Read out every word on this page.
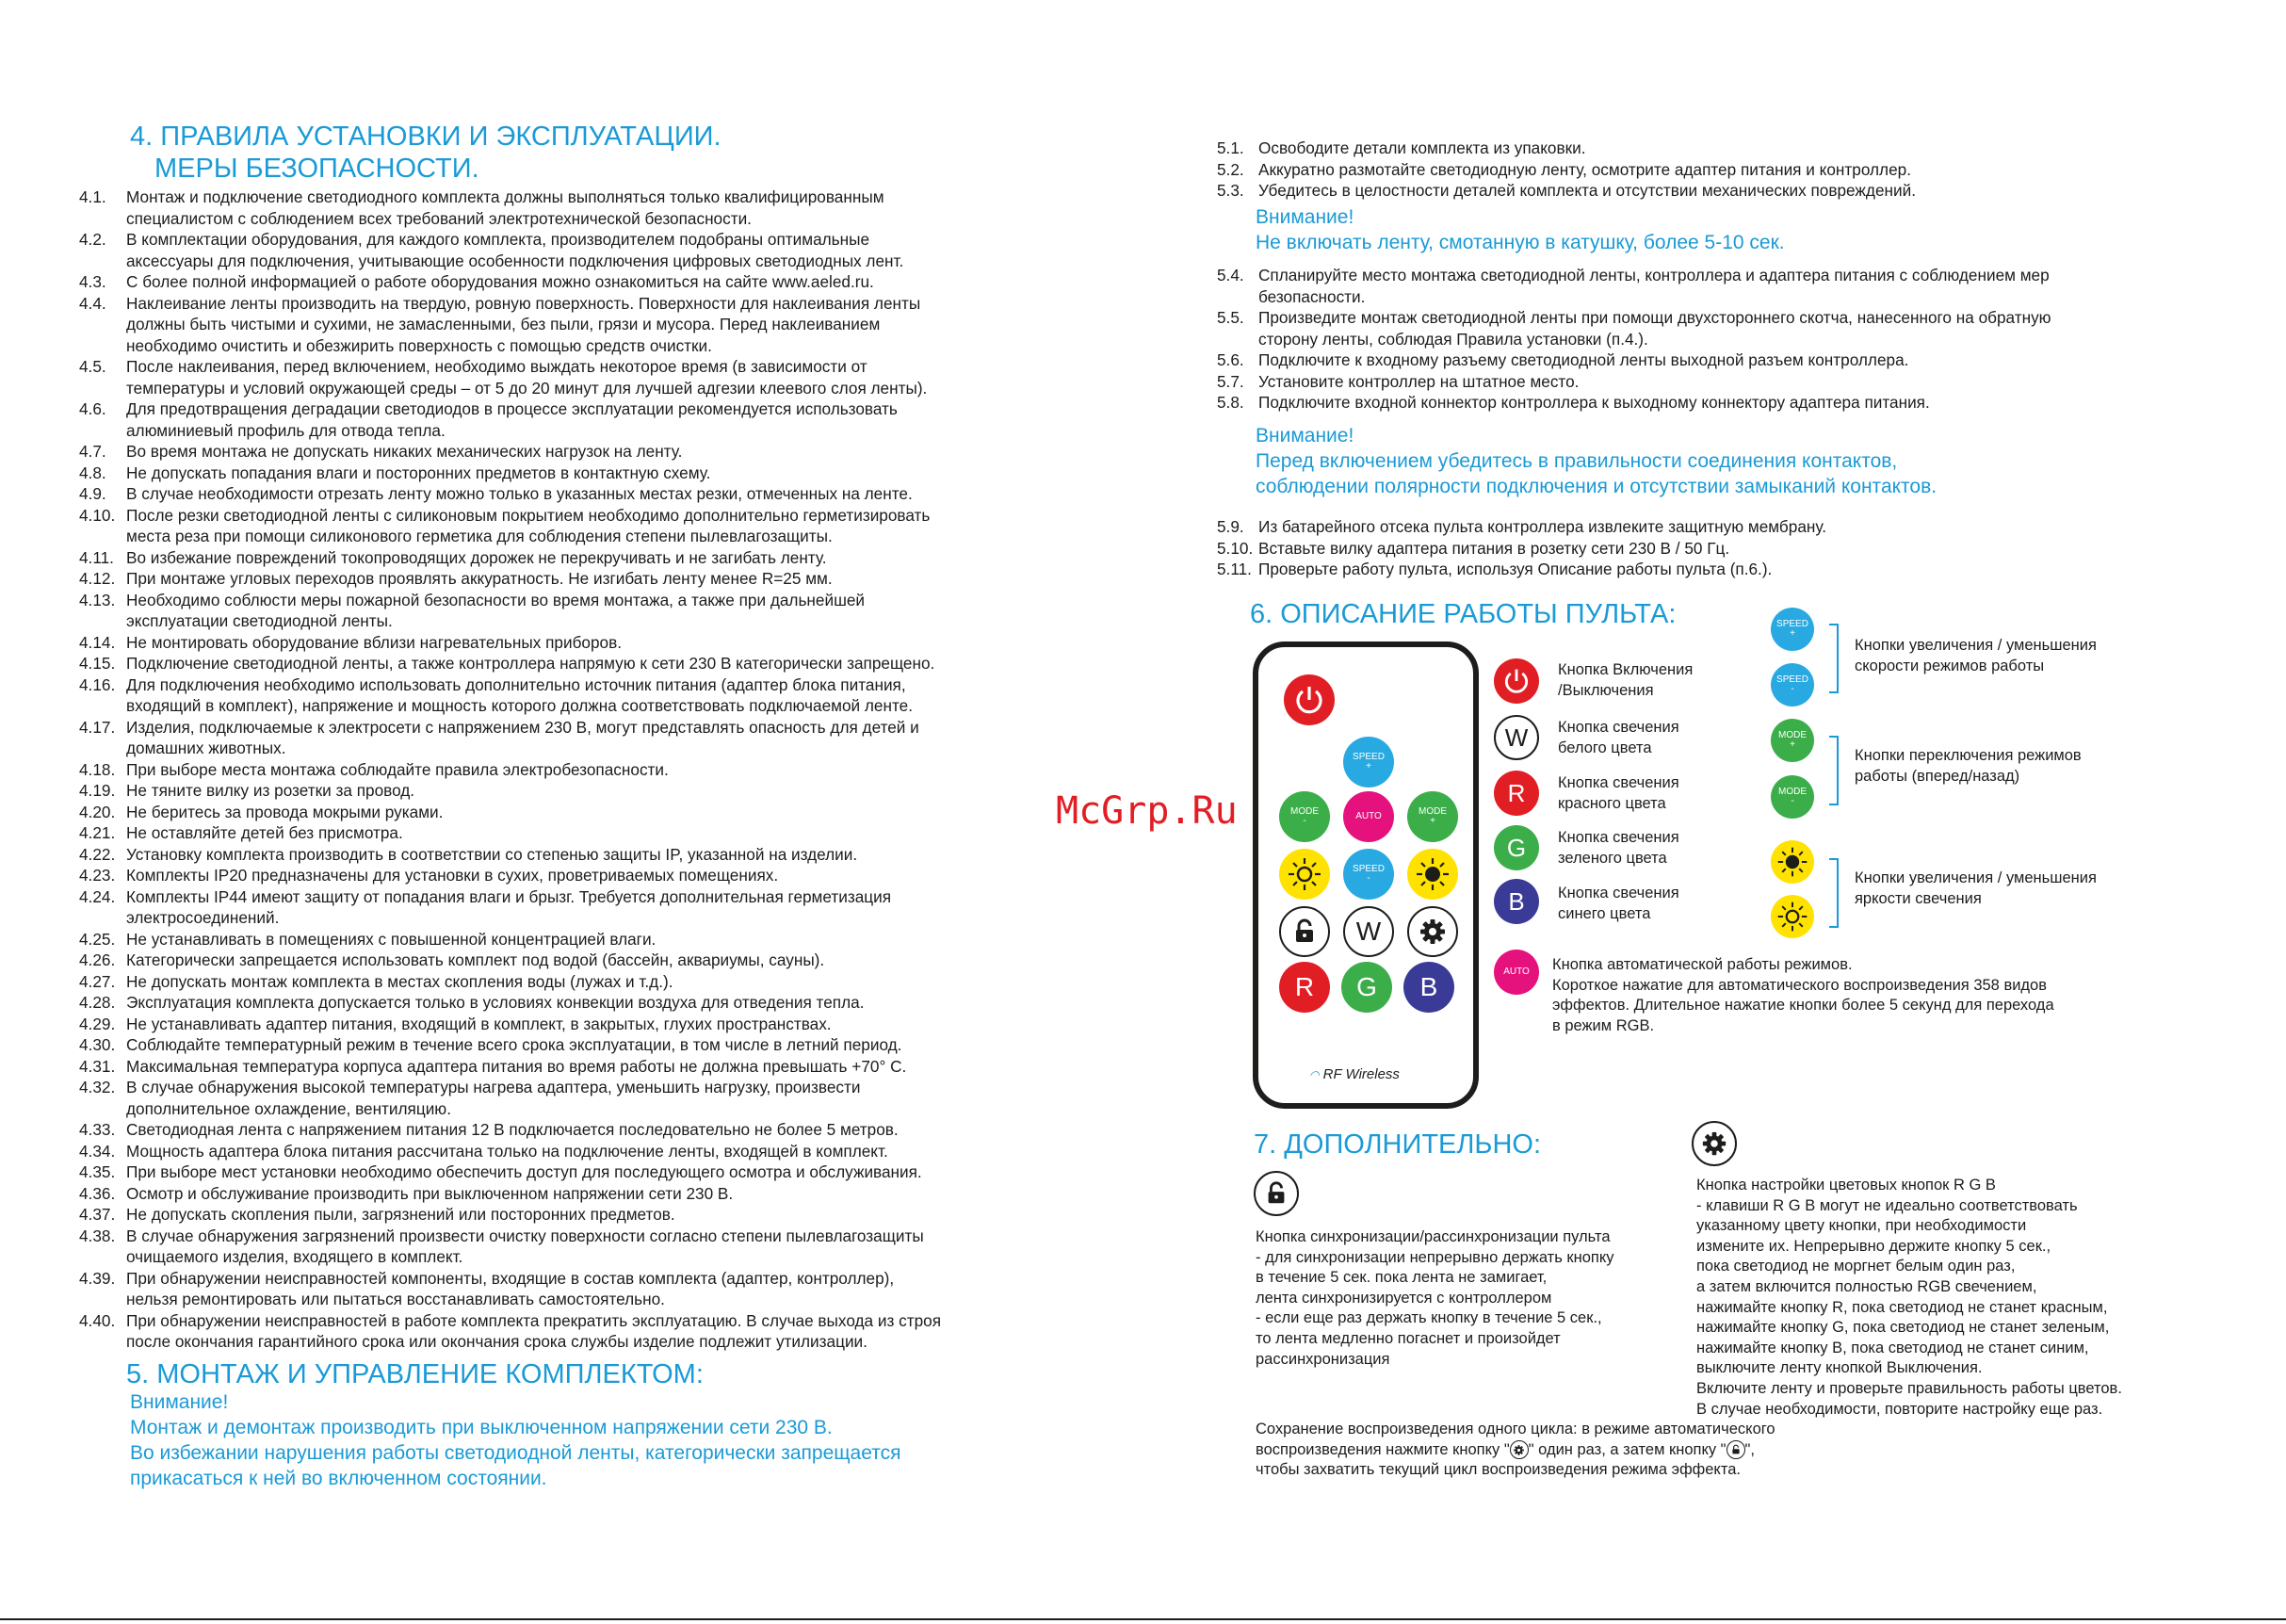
4. ПРАВИЛА УСТАНОВКИ И ЭКСПЛУАТАЦИИ.
МЕРЫ БЕЗОПАСНОСТИ.
4.1. Монтаж и подключение светодиодного комплекта должны выполняться только квалифицированным
специалистом с соблюдением всех требований электротехнической безопасности.
4.2. В комплектации оборудования, для каждого комплекта, производителем подобраны оптимальные
аксессуары для подключения, учитывающие особенности подключения цифровых светодиодных лент.
4.3. С более полной информацией о работе оборудования можно ознакомиться на сайте www.aeled.ru.
4.4. Наклеивание ленты производить на твердую, ровную поверхность. Поверхности для наклеивания ленты
должны быть чистыми и сухими, не замасленными, без пыли, грязи и мусора. Перед наклеиванием
необходимо очистить и обезжирить поверхность с помощью средств очистки.
4.5. После наклеивания, перед включением, необходимо выждать некоторое время (в зависимости от
температуры и условий окружающей среды – от 5 до 20 минут для лучшей адгезии клеевого слоя ленты).
4.6. Для предотвращения деградации светодиодов в процессе эксплуатации рекомендуется использовать
алюминиевый профиль для отвода тепла.
4.7. Во время монтажа не допускать никаких механических нагрузок на ленту.
4.8. Не допускать попадания влаги и посторонних предметов в контактную схему.
4.9. В случае необходимости отрезать ленту можно только в указанных местах резки, отмеченных на ленте.
4.10. После резки светодиодной ленты с силиконовым покрытием необходимо дополнительно герметизировать
места реза при помощи силиконового герметика для соблюдения степени пылевлагозащиты.
4.11. Во избежание повреждений токопроводящих дорожек не перекручивать и не загибать ленту.
4.12. При монтаже угловых переходов проявлять аккуратность. Не изгибать ленту менее R=25 мм.
4.13. Необходимо соблюсти меры пожарной безопасности во время монтажа, а также при дальнейшей
эксплуатации светодиодной ленты.
4.14. Не монтировать оборудование вблизи нагревательных приборов.
4.15. Подключение светодиодной ленты, а также контроллера напрямую к сети 230 В категорически запрещено.
4.16. Для подключения необходимо использовать дополнительно источник питания (адаптер блока питания,
входящий в комплект), напряжение и мощность которого должна соответствовать подключаемой ленте.
4.17. Изделия, подключаемые к электросети с напряжением 230 В, могут представлять опасность для детей и
домашних животных.
4.18. При выборе места монтажа соблюдайте правила электробезопасности.
4.19. Не тяните вилку из розетки за провод.
4.20. Не беритесь за провода мокрыми руками.
4.21. Не оставляйте детей без присмотра.
4.22. Установку комплекта производить в соответствии со степенью защиты IP, указанной на изделии.
4.23. Комплекты IP20 предназначены для установки в сухих, проветриваемых помещениях.
4.24. Комплекты IP44 имеют защиту от попадания влаги и брызг. Требуется дополнительная герметизация
электросоединений.
4.25. Не устанавливать в помещениях с повышенной концентрацией влаги.
4.26. Категорически запрещается использовать комплект под водой (бассейн, аквариумы, сауны).
4.27. Не допускать монтаж комплекта в местах скопления воды (лужах и т.д.).
4.28. Эксплуатация комплекта допускается только в условиях конвекции воздуха для отведения тепла.
4.29. Не устанавливать адаптер питания, входящий в комплект, в закрытых, глухих пространствах.
4.30. Соблюдайте температурный режим в течение всего срока эксплуатации, в том числе в летний период.
4.31. Максимальная температура корпуса адаптера питания во время работы не должна превышать +70° С.
4.32. В случае обнаружения высокой температуры нагрева адаптера, уменьшить нагрузку, произвести
дополнительное охлаждение, вентиляцию.
4.33. Светодиодная лента с напряжением питания 12 В подключается последовательно не более 5 метров.
4.34. Мощность адаптера блока питания рассчитана только на подключение ленты, входящей в комплект.
4.35. При выборе мест установки необходимо обеспечить доступ для последующего осмотра и обслуживания.
4.36. Осмотр и обслуживание производить при выключенном напряжении сети 230 В.
4.37. Не допускать скопления пыли, загрязнений или посторонних предметов.
4.38. В случае обнаружения загрязнений произвести очистку поверхности согласно степени пылевлагозащиты
очищаемого изделия, входящего в комплект.
4.39. При обнаружении неисправностей компоненты, входящие в состав комплекта (адаптер, контроллер),
нельзя ремонтировать или пытаться восстанавливать самостоятельно.
4.40. При обнаружении неисправностей в работе комплекта прекратить эксплуатацию. В случае выхода из строя
после окончания гарантийного срока или окончания срока службы изделие подлежит утилизации.
5. МОНТАЖ И УПРАВЛЕНИЕ КОМПЛЕКТОМ:
Внимание!
Монтаж и демонтаж производить при выключенном напряжении сети 230 В.
Во избежании нарушения работы светодиодной ленты, категорически запрещается
прикасаться к ней во включенном состоянии.
5.1. Освободите детали комплекта из упаковки.
5.2. Аккуратно размотайте светодиодную ленту, осмотрите адаптер питания и контроллер.
5.3. Убедитесь в целостности деталей комплекта и отсутствии механических повреждений.
Внимание!
Не включать ленту, смотанную в катушку, более 5-10 сек.
5.4. Спланируйте место монтажа светодиодной ленты, контроллера и адаптера питания с соблюдением мер
безопасности.
5.5. Произведите монтаж светодиодной ленты при помощи двухстороннего скотча, нанесенного на обратную
сторону ленты, соблюдая Правила установки (п.4.).
5.6. Подключите к входному разъему светодиодной ленты выходной разъем контроллера.
5.7. Установите контроллер на штатное место.
5.8. Подключите входной коннектор контроллера к выходному коннектору адаптера питания.
Внимание!
Перед включением убедитесь в правильности соединения контактов,
соблюдении полярности подключения и отсутствии замыканий контактов.
5.9. Из батарейного отсека пульта контроллера извлеките защитную мембрану.
5.10. Вставьте вилку адаптера питания в розетку сети 230 В / 50 Гц.
5.11. Проверьте работу пульта, используя Описание работы пульта (п.6.).
6. ОПИСАНИЕ РАБОТЫ ПУЛЬТА:
SPEED
+
MODE
-	AUTO	MODE
+
SPEED
-
W
R G B
◠ RF Wireless
W
R
G
B
AUTO
Кнопка Включения
/Выключения
Кнопка свечения
белого цвета
Кнопка свечения
красного цвета
Кнопка свечения
зеленого цвета
Кнопка свечения
синего цвета
Кнопка автоматической работы режимов.
Короткое нажатие для автоматического воспроизведения 358 видов
эффектов. Длительное нажатие кнопки более 5 секунд для перехода
в режим RGB.
SPEED
+
SPEED
-
MODE
+
MODE
-
Кнопки увеличения / уменьшения
скорости режимов работы
Кнопки переключения режимов
работы (вперед/назад)
Кнопки увеличения / уменьшения
яркости свечения
McGrp.Ru
7. ДОПОЛНИТЕЛЬНО:
Кнопка синхронизации/рассинхронизации пульта
- для синхронизации непрерывно держать кнопку
в течение 5 сек. пока лента не замигает,
лента синхронизируется с контроллером
- если еще раз держать кнопку в течение 5 сек.,
то лента медленно погаснет и произойдет
рассинхронизация
Кнопка настройки цветовых кнопок R G B
- клавиши R G B могут не идеально соответствовать
указанному цвету кнопки, при необходимости
измените их. Непрерывно держите кнопку 5 сек.,
пока светодиод не моргнет белым один раз,
а затем включится полностью RGB свечением,
нажимайте кнопку R, пока светодиод не станет красным,
нажимайте кнопку G, пока светодиод не станет зеленым,
нажимайте кнопку B, пока светодиод не станет синим,
выключите ленту кнопкой Выключения.
Включите ленту и проверьте правильность работы цветов.
В случае необходимости, повторите настройку еще раз.
Сохранение воспроизведения одного цикла: в режиме автоматического
воспроизведения нажмите кнопку " " один раз, а затем кнопку " ",
чтобы захватить текущий цикл воспроизведения режима эффекта.
